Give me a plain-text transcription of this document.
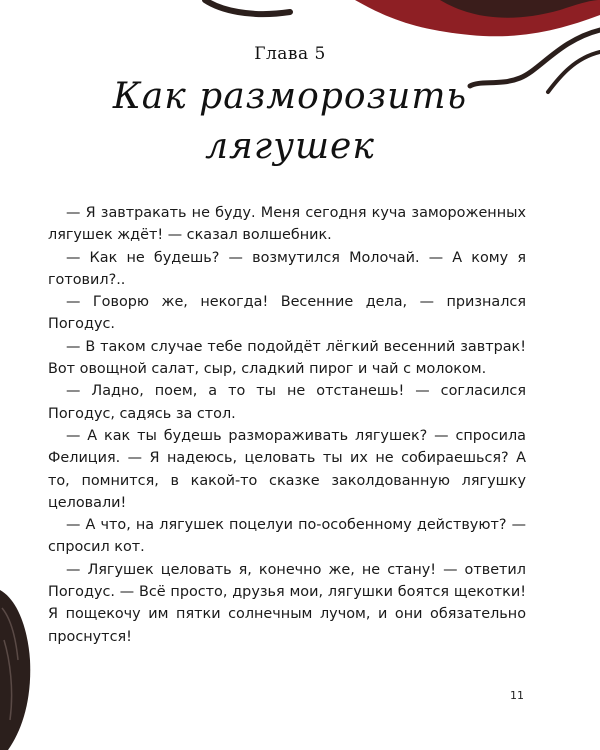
Глава 5
Как разморозить
лягушек

— Я завтракать не буду. Меня сегодня куча замороженных лягушек ждёт! — сказал волшебник.

— Как не будешь? — возмутился Молочай. — А кому я готовил?..

— Говорю же, некогда! Весенние дела, — признался Погодус.

— В таком случае тебе подойдёт лёгкий весенний завтрак! Вот овощной салат, сыр, сладкий пирог и чай с молоком.

— Ладно, поем, а то ты не отстанешь! — согласился Погодус, садясь за стол.

— А как ты будешь размораживать лягушек? — спросила Фелиция. — Я надеюсь, целовать ты их не собираешься? А то, помнится, в какой-то сказке заколдованную лягушку целовали!

— А что, на лягушек поцелуи по-особенному действуют? — спросил кот.

— Лягушек целовать я, конечно же, не стану! — ответил Погодус. — Всё просто, друзья мои, лягушки боятся щекотки! Я пощекочу им пятки солнечным лучом, и они обязательно проснутся!

11
